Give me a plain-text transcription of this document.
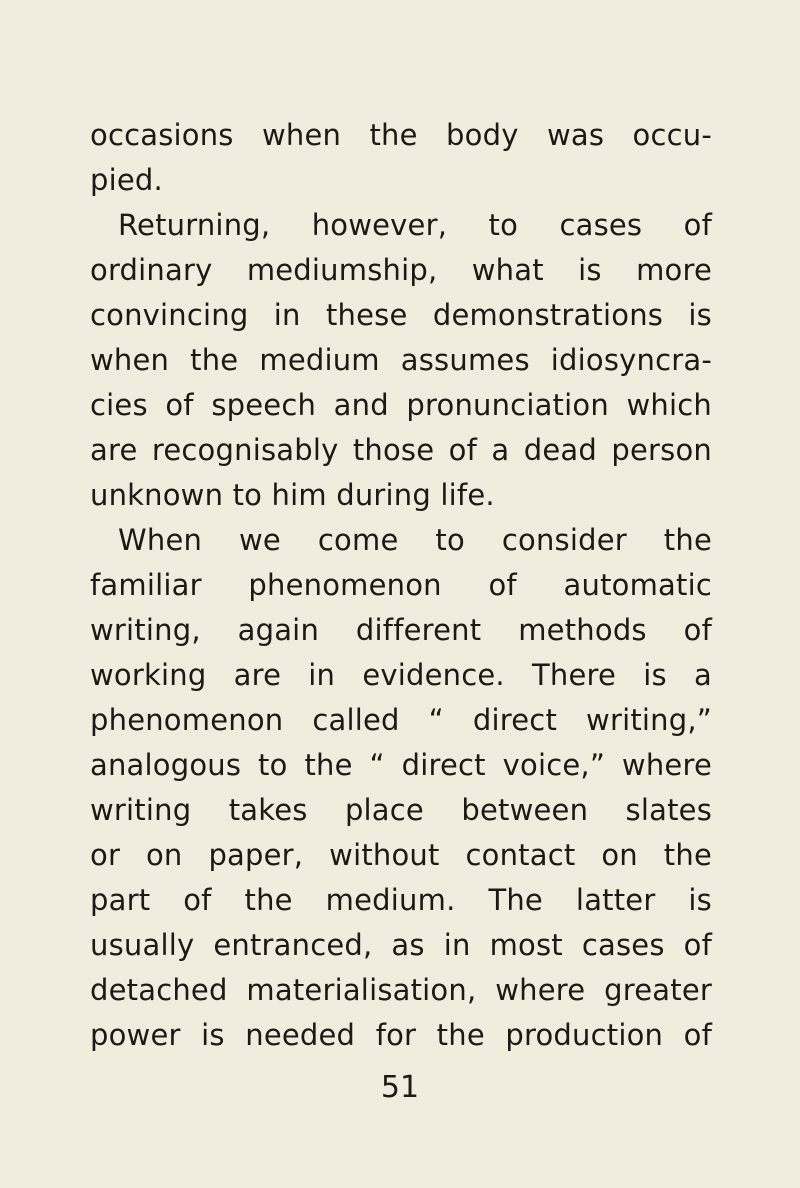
occasions when the body was occu-
pied.
Returning, however, to cases of
ordinary mediumship, what is more
convincing in these demonstrations is
when the medium assumes idiosyncra-
cies of speech and pronunciation which
are recognisably those of a dead person
unknown to him during life.
When we come to consider the
familiar phenomenon of automatic
writing, again different methods of
working are in evidence. There is a
phenomenon called “ direct writing,”
analogous to the “ direct voice,” where
writing takes place between slates
or on paper, without contact on the
part of the medium. The latter is
usually entranced, as in most cases of
detached materialisation, where greater
power is needed for the production of
51
